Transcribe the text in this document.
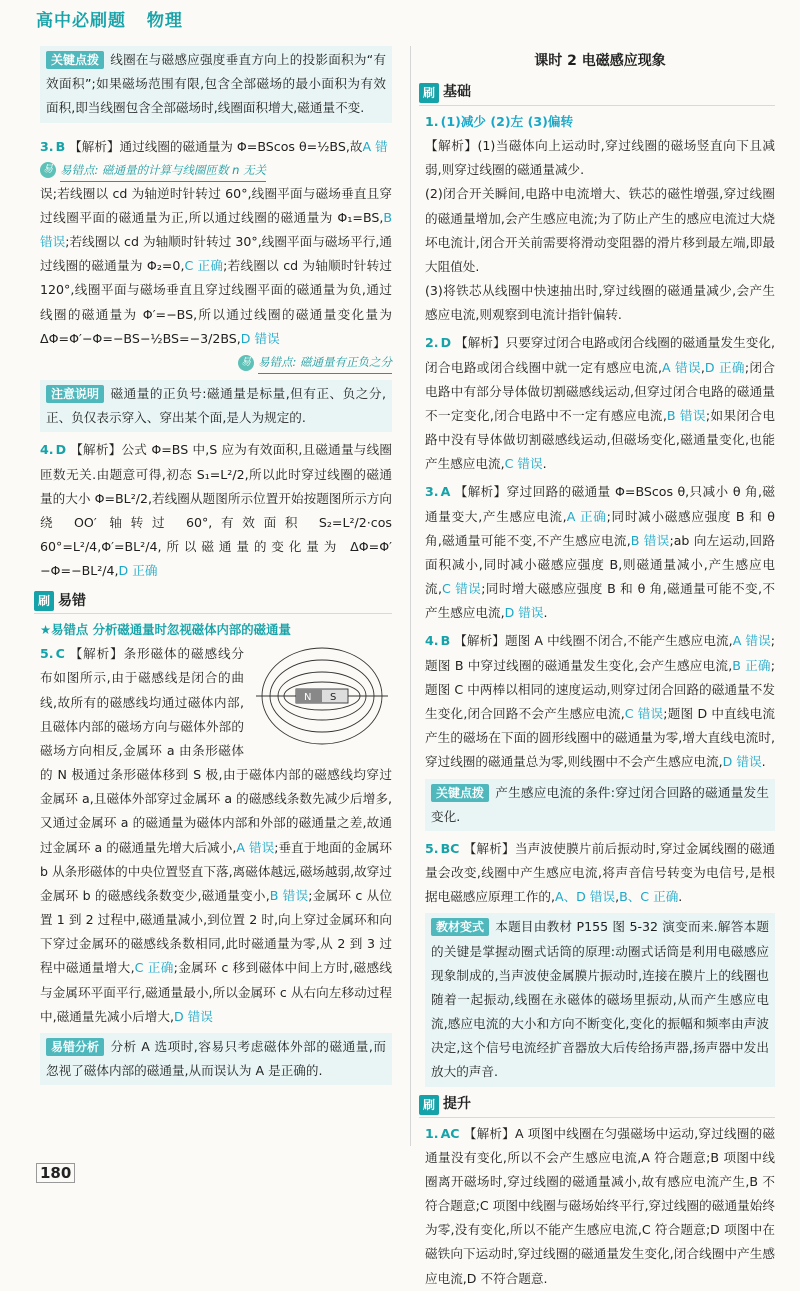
高中必刷题 物理

关键点拨 线圈在与磁感应强度垂直方向上的投影面积为“有效面积”;如果磁场范围有限,包含全部磁场的最小面积为有效面积,即当线圈包含全部磁场时,线圈面积增大,磁通量不变.

3. B 【解析】通过线圈的磁通量为 Φ=BScos θ=½BS,故A 错

易 易错点: 磁通量的计算与线圈匝数 n 无关

误;若线圈以 cd 为轴逆时针转过 60°,线圈平面与磁场垂直且穿过线圈平面的磁通量为正,所以通过线圈的磁通量为 Φ₁=BS,B 错误;若线圈以 cd 为轴顺时针转过 30°,线圈平面与磁场平行,通过线圈的磁通量为 Φ₂=0,C 正确;若线圈以 cd 为轴顺时针转过 120°,线圈平面与磁场垂直且穿过线圈平面的磁通量为负,通过线圈的磁通量为 Φ′=−BS,所以通过线圈的磁通量变化量为 ΔΦ=Φ′−Φ=−BS−½BS=−3/2BS,D 错误

易 易错点: 磁通量有正负之分

注意说明 磁通量的正负号:磁通量是标量,但有正、负之分,正、负仅表示穿入、穿出某个面,是人为规定的.

4. D 【解析】公式 Φ=BS 中,S 应为有效面积,且磁通量与线圈匝数无关.由题意可得,初态 S₁=L²/2,所以此时穿过线圈的磁通量的大小 Φ=BL²/2,若线圈从题图所示位置开始按题图所示方向绕 OO′ 轴转过 60°,有效面积 S₂=L²/2·cos 60°=L²/4,Φ′=BL²/4,所以磁通量的变化量为 ΔΦ=Φ′−Φ=−BL²/4,D 正确

刷 易错

★易错点 分析磁通量时忽视磁体内部的磁通量

N S

5. C 【解析】条形磁体的磁感线分布如图所示,由于磁感线是闭合的曲线,故所有的磁感线均通过磁体内部,且磁体内部的磁场方向与磁体外部的磁场方向相反,金属环 a 由条形磁体的 N 极通过条形磁体移到 S 极,由于磁体内部的磁感线均穿过金属环 a,且磁体外部穿过金属环 a 的磁感线条数先减少后增多,又通过金属环 a 的磁通量为磁体内部和外部的磁通量之差,故通过金属环 a 的磁通量先增大后减小,A 错误;垂直于地面的金属环 b 从条形磁体的中央位置竖直下落,离磁体越远,磁场越弱,故穿过金属环 b 的磁感线条数变少,磁通量变小,B 错误;金属环 c 从位置 1 到 2 过程中,磁通量减小,到位置 2 时,向上穿过金属环和向下穿过金属环的磁感线条数相同,此时磁通量为零,从 2 到 3 过程中磁通量增大,C 正确;金属环 c 移到磁体中间上方时,磁感线与金属环平面平行,磁通量最小,所以金属环 c 从右向左移动过程中,磁通量先减小后增大,D 错误

易错分析 分析 A 选项时,容易只考虑磁体外部的磁通量,而忽视了磁体内部的磁通量,从而误认为 A 是正确的.

课时 2 电磁感应现象
刷 基础

1. (1)减少 (2)左 (3)偏转

【解析】(1)当磁体向上运动时,穿过线圈的磁场竖直向下且减弱,则穿过线圈的磁通量减少.

(2)闭合开关瞬间,电路中电流增大、铁芯的磁性增强,穿过线圈的磁通量增加,会产生感应电流;为了防止产生的感应电流过大烧坏电流计,闭合开关前需要将滑动变阻器的滑片移到最左端,即最大阻值处.

(3)将铁芯从线圈中快速抽出时,穿过线圈的磁通量减少,会产生感应电流,则观察到电流计指针偏转.

2. D 【解析】只要穿过闭合电路或闭合线圈的磁通量发生变化,闭合电路或闭合线圈中就一定有感应电流,A 错误,D 正确;闭合电路中有部分导体做切割磁感线运动,但穿过闭合电路的磁通量不一定变化,闭合电路中不一定有感应电流,B 错误;如果闭合电路中没有导体做切割磁感线运动,但磁场变化,磁通量变化,也能产生感应电流,C 错误.

3. A 【解析】穿过回路的磁通量 Φ=BScos θ,只减小 θ 角,磁通量变大,产生感应电流,A 正确;同时减小磁感应强度 B 和 θ 角,磁通量可能不变,不产生感应电流,B 错误;ab 向左运动,回路面积减小,同时减小磁感应强度 B,则磁通量减小,产生感应电流,C 错误;同时增大磁感应强度 B 和 θ 角,磁通量可能不变,不产生感应电流,D 错误.

4. B 【解析】题图 A 中线圈不闭合,不能产生感应电流,A 错误;题图 B 中穿过线圈的磁通量发生变化,会产生感应电流,B 正确;题图 C 中两棒以相同的速度运动,则穿过闭合回路的磁通量不发生变化,闭合回路不会产生感应电流,C 错误;题图 D 中直线电流产生的磁场在下面的圆形线圈中的磁通量为零,增大直线电流时,穿过线圈的磁通量总为零,则线圈中不会产生感应电流,D 错误.

关键点拨 产生感应电流的条件:穿过闭合回路的磁通量发生变化.

5. BC 【解析】当声波使膜片前后振动时,穿过金属线圈的磁通量会改变,线圈中产生感应电流,将声音信号转变为电信号,是根据电磁感应原理工作的,A、D 错误,B、C 正确.

教材变式 本题目由教材 P155 图 5-32 演变而来.解答本题的关键是掌握动圈式话筒的原理:动圈式话筒是利用电磁感应现象制成的,当声波使金属膜片振动时,连接在膜片上的线圈也随着一起振动,线圈在永磁体的磁场里振动,从而产生感应电流,感应电流的大小和方向不断变化,变化的振幅和频率由声波决定,这个信号电流经扩音器放大后传给扬声器,扬声器中发出放大的声音.

刷 提升

1. AC 【解析】A 项图中线圈在匀强磁场中运动,穿过线圈的磁通量没有变化,所以不会产生感应电流,A 符合题意;B 项图中线圈离开磁场时,穿过线圈的磁通量减小,故有感应电流产生,B 不符合题意;C 项图中线圈与磁场始终平行,穿过线圈的磁通量始终为零,没有变化,所以不能产生感应电流,C 符合题意;D 项图中在磁铁向下运动时,穿过线圈的磁通量发生变化,闭合线圈中产生感应电流,D 不符合题意.

180
